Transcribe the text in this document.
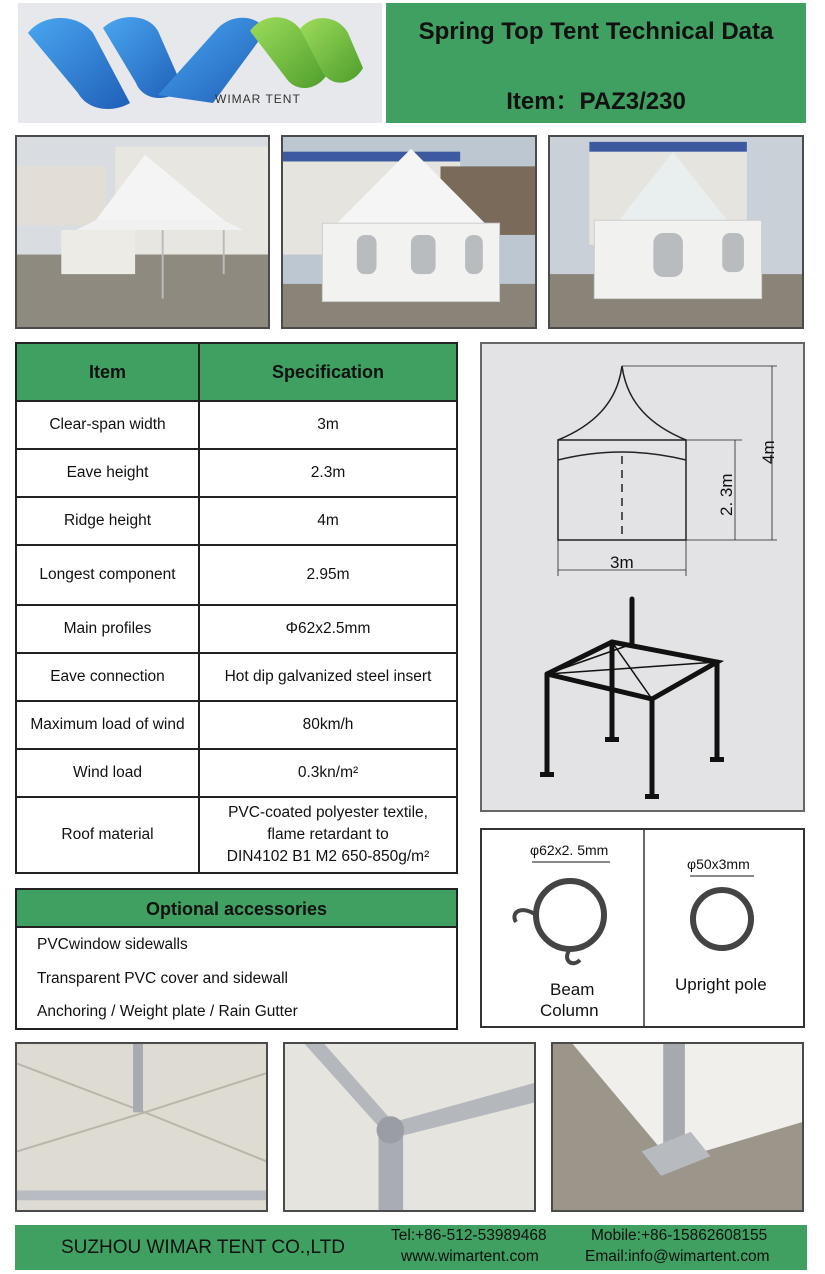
WIMAR TENT
Spring Top Tent Technical Data
Item：PAZ3/230
Item	Specification
Clear-span width	3m
Eave height	2.3m
Ridge height	4m
Longest component	2.95m
Main profiles	Φ62x2.5mm
Eave connection	Hot dip galvanized steel insert
Maximum load of wind	80km/h
Wind load	0.3kn/m²
Roof material	PVC-coated polyester textile,
flame retardant to
DIN4102 B1 M2 650-850g/m²
Optional accessories
PVCwindow sidewalls
Transparent PVC cover and sidewall
Anchoring / Weight plate / Rain Gutter
2. 3m
4m
3m
φ62x2. 5mm
Beam
Column
φ50x3mm
Upright pole
SUZHOU WIMAR TENT CO.,LTD
Tel:+86-512-53989468
www.wimartent.com
Mobile:+86-15862608155
Email:info@wimartent.com
